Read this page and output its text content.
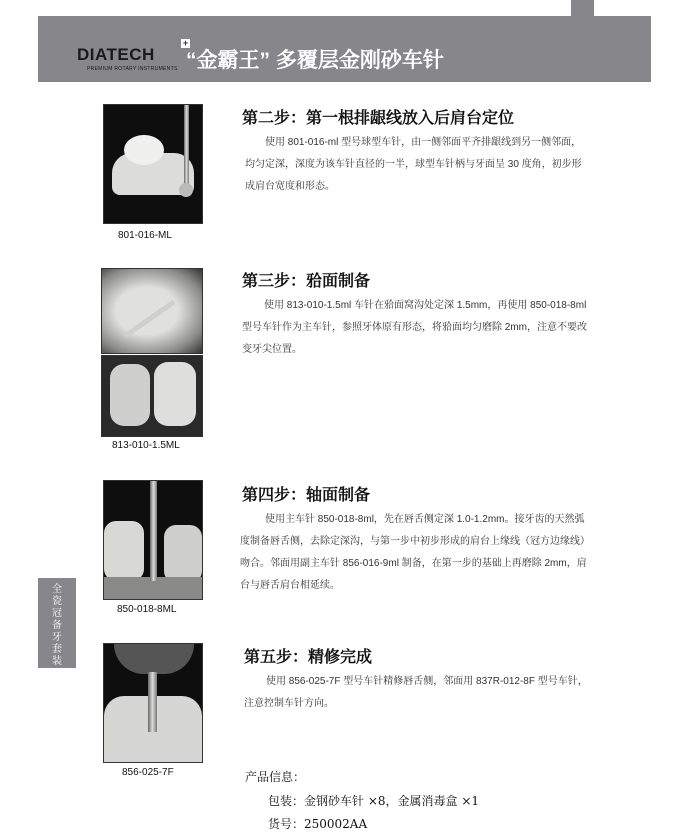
DIATECH
+
PREMIUM ROTARY INSTRUMENTS “金霸王” 多覆层金刚砂车针
全瓷冠备牙套装
801-016-ML
第二步：第一根排龈线放入后肩台定位
使用 801-016-ml 型号球型车针，由一侧邻面平齐排龈线到另一侧邻面，均匀定深，深度为该车针直径的一半，球型车针柄与牙面呈 30 度角，初步形成肩台宽度和形态。
813-010-1.5ML
第三步：𬌗面制备
使用 813-010-1.5ml 车针在𬌗面窝沟处定深 1.5mm，再使用 850-018-8ml 型号车针作为主车针，参照牙体原有形态，将𬌗面均匀磨除 2mm，注意不要改变牙尖位置。
850-018-8ML
第四步：轴面制备
使用主车针 850-018-8ml，先在唇舌侧定深 1.0-1.2mm。接牙齿的天然弧度制备唇舌侧，去除定深沟，与第一步中初步形成的肩台上缘线（冠方边缘线）吻合。邻面用副主车针 856-016-9ml 制备，在第一步的基础上再磨除 2mm，肩台与唇舌肩台相延续。
856-025-7F
第五步：精修完成
使用 856-025-7F 型号车针精修唇舌侧，邻面用 837R-012-8F 型号车针，注意控制车针方向。
产品信息：
包装：金钢砂车针 ×8，金属消毒盒 ×1
货号：250002AA
